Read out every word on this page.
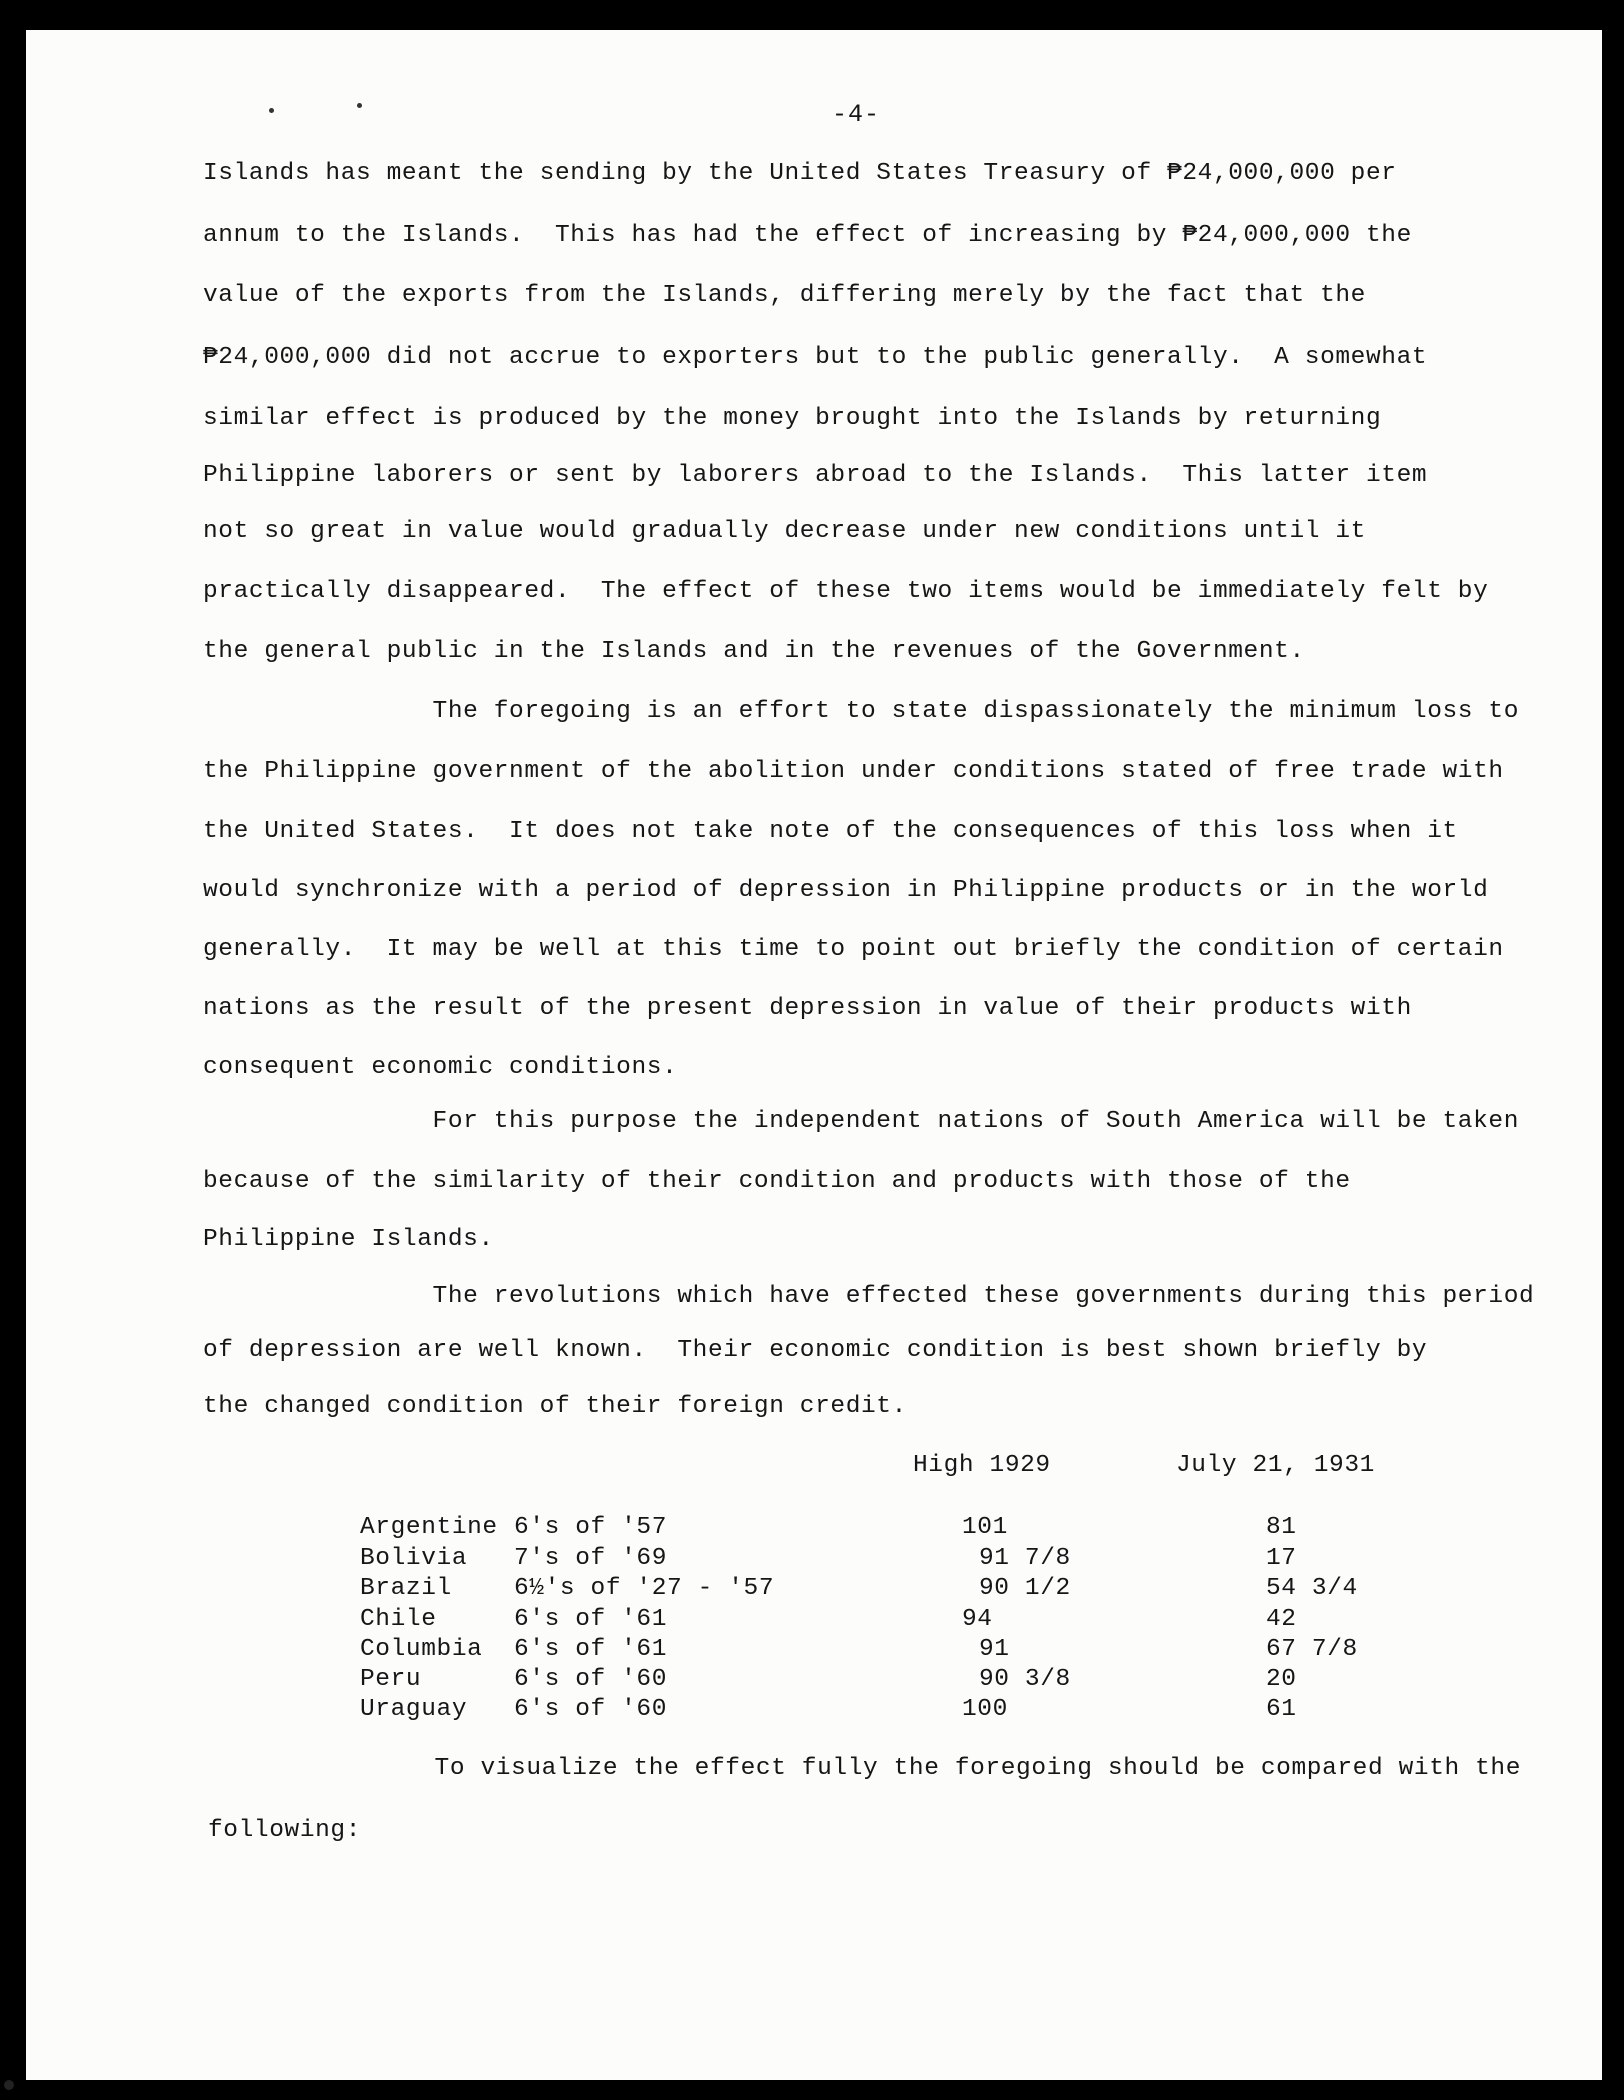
-4-
Islands has meant the sending by the United States Treasury of ₱24,000,000 per
annum to the Islands.  This has had the effect of increasing by ₱24,000,000 the
value of the exports from the Islands, differing merely by the fact that the
₱24,000,000 did not accrue to exporters but to the public generally.  A somewhat
similar effect is produced by the money brought into the Islands by returning
Philippine laborers or sent by laborers abroad to the Islands.  This latter item
not so great in value would gradually decrease under new conditions until it
practically disappeared.  The effect of these two items would be immediately felt by
the general public in the Islands and in the revenues of the Government.
The foregoing is an effort to state dispassionately the minimum loss to
the Philippine government of the abolition under conditions stated of free trade with
the United States.  It does not take note of the consequences of this loss when it
would synchronize with a period of depression in Philippine products or in the world
generally.  It may be well at this time to point out briefly the condition of certain
nations as the result of the present depression in value of their products with
consequent economic conditions.
For this purpose the independent nations of South America will be taken
because of the similarity of their condition and products with those of the
Philippine Islands.
The revolutions which have effected these governments during this period
of depression are well known.  Their economic condition is best shown briefly by
the changed condition of their foreign credit.
High 1929	July 21, 1931
Argentine 6's of '57	101	81
Bolivia 7's of '69	91 7/8	17
Brazil	6½'s of '27 - '57	90 1/2	54 3/4
Chile	6's of '61	94	42
Columbia 6's of '61	91	67 7/8
Peru	6's of '60	90 3/8	20
Uraguay 6's of '60	100	61
To visualize the effect fully the foregoing should be compared with the
following:
